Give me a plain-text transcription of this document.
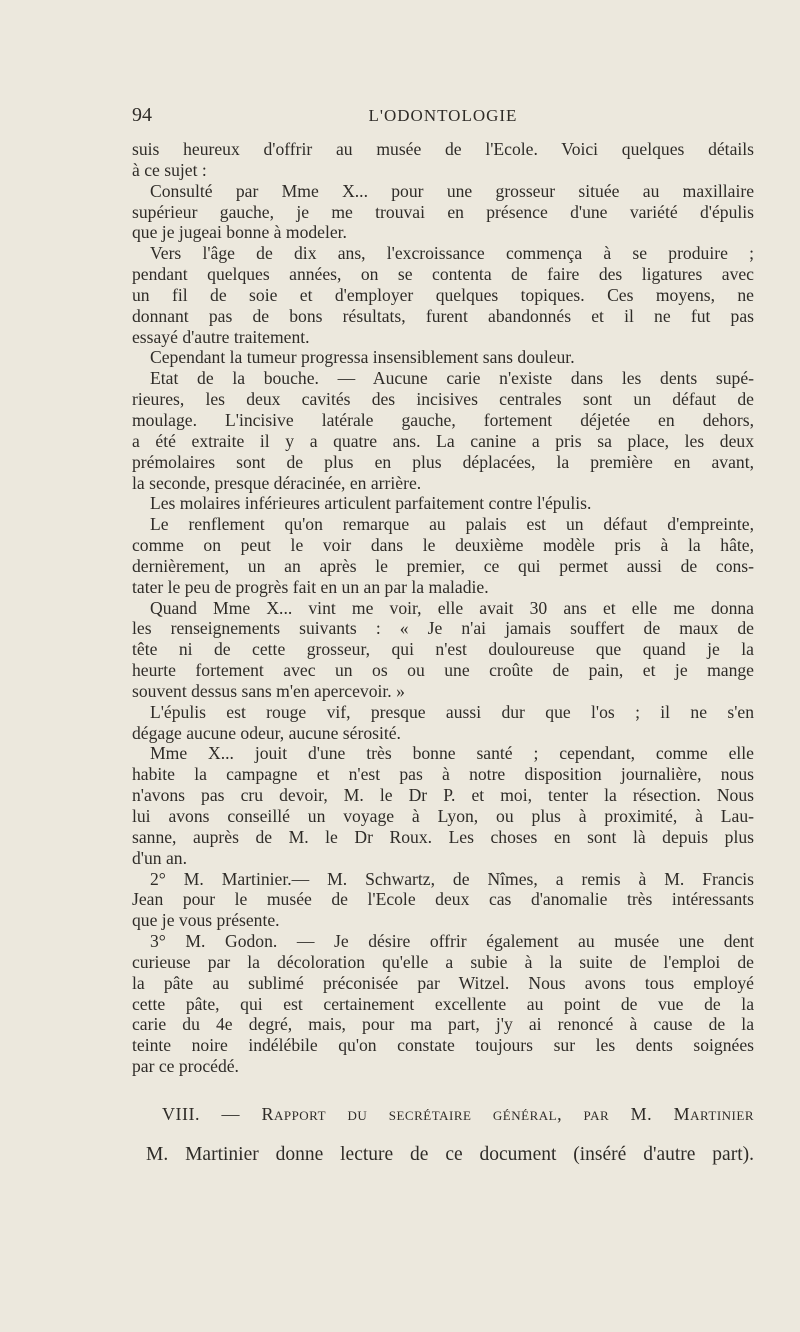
94	L'ODONTOLOGIE
suis heureux d'offrir au musée de l'Ecole. Voici quelques détails
à ce sujet :
Consulté par Mme X... pour une grosseur située au maxillaire
supérieur gauche, je me trouvai en présence d'une variété d'épulis
que je jugeai bonne à modeler.
Vers l'âge de dix ans, l'excroissance commença à se produire ;
pendant quelques années, on se contenta de faire des ligatures avec
un fil de soie et d'employer quelques topiques. Ces moyens, ne
donnant pas de bons résultats, furent abandonnés et il ne fut pas
essayé d'autre traitement.
Cependant la tumeur progressa insensiblement sans douleur.
Etat de la bouche. — Aucune carie n'existe dans les dents supé-
rieures, les deux cavités des incisives centrales sont un défaut de
moulage. L'incisive latérale gauche, fortement déjetée en dehors,
a été extraite il y a quatre ans. La canine a pris sa place, les deux
prémolaires sont de plus en plus déplacées, la première en avant,
la seconde, presque déracinée, en arrière.
Les molaires inférieures articulent parfaitement contre l'épulis.
Le renflement qu'on remarque au palais est un défaut d'empreinte,
comme on peut le voir dans le deuxième modèle pris à la hâte,
dernièrement, un an après le premier, ce qui permet aussi de cons-
tater le peu de progrès fait en un an par la maladie.
Quand Mme X... vint me voir, elle avait 30 ans et elle me donna
les renseignements suivants : « Je n'ai jamais souffert de maux de
tête ni de cette grosseur, qui n'est douloureuse que quand je la
heurte fortement avec un os ou une croûte de pain, et je mange
souvent dessus sans m'en apercevoir. »
L'épulis est rouge vif, presque aussi dur que l'os ; il ne s'en
dégage aucune odeur, aucune sérosité.
Mme X... jouit d'une très bonne santé ; cependant, comme elle
habite la campagne et n'est pas à notre disposition journalière, nous
n'avons pas cru devoir, M. le Dr P. et moi, tenter la résection. Nous
lui avons conseillé un voyage à Lyon, ou plus à proximité, à Lau-
sanne, auprès de M. le Dr Roux. Les choses en sont là depuis plus
d'un an.
2° M. Martinier.— M. Schwartz, de Nîmes, a remis à M. Francis
Jean pour le musée de l'Ecole deux cas d'anomalie très intéressants
que je vous présente.
3° M. Godon. — Je désire offrir également au musée une dent
curieuse par la décoloration qu'elle a subie à la suite de l'emploi de
la pâte au sublimé préconisée par Witzel. Nous avons tous employé
cette pâte, qui est certainement excellente au point de vue de la
carie du 4e degré, mais, pour ma part, j'y ai renoncé à cause de la
teinte noire indélébile qu'on constate toujours sur les dents soignées
par ce procédé.
VIII. — Rapport du secrétaire général, par M. Martinier
M. Martinier donne lecture de ce document (inséré d'autre part).
